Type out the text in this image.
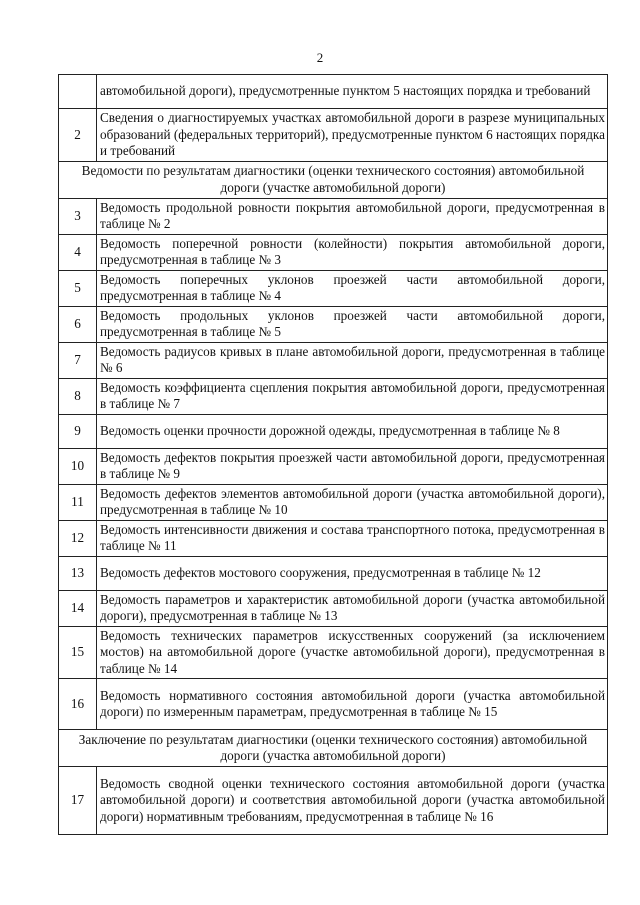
2
	автомобильной дороги), предусмотренные пунктом 5 настоящих порядка и требований
2	Сведения о диагностируемых участках автомобильной дороги в разрезе муниципальных образований (федеральных территорий), предусмотренные пунктом 6 настоящих порядка и требований
Ведомости по результатам диагностики (оценки технического состояния) автомобильной дороги (участке автомобильной дороги)	
3	Ведомость продольной ровности покрытия автомобильной дороги, предусмотренная в таблице № 2
4	Ведомость поперечной ровности (колейности) покрытия автомобильной дороги, предусмотренная в таблице № 3
5	Ведомость поперечных уклонов проезжей части автомобильной дороги, предусмотренная в таблице № 4
6	Ведомость продольных уклонов проезжей части автомобильной дороги, предусмотренная в таблице № 5
7	Ведомость радиусов кривых в плане автомобильной дороги, предусмотренная в таблице № 6
8	Ведомость коэффициента сцепления покрытия автомобильной дороги, предусмотренная в таблице № 7
9	Ведомость оценки прочности дорожной одежды, предусмотренная в таблице № 8
10	Ведомость дефектов покрытия проезжей части автомобильной дороги, предусмотренная в таблице № 9
11	Ведомость дефектов элементов автомобильной дороги (участка автомобильной дороги), предусмотренная в таблице № 10
12	Ведомость интенсивности движения и состава транспортного потока, предусмотренная в таблице № 11
13	Ведомость дефектов мостового сооружения, предусмотренная в таблице № 12
14	Ведомость параметров и характеристик автомобильной дороги (участка автомобильной дороги), предусмотренная в таблице № 13
15	Ведомость технических параметров искусственных сооружений (за исключением мостов) на автомобильной дороге (участке автомобильной дороги), предусмотренная в таблице № 14
16	Ведомость нормативного состояния автомобильной дороги (участка автомобильной дороги) по измеренным параметрам, предусмотренная в таблице № 15
Заключение по результатам диагностики (оценки технического состояния) автомобильной дороги (участка автомобильной дороги)	
17	Ведомость сводной оценки технического состояния автомобильной дороги (участка автомобильной дороги) и соответствия автомобильной дороги (участка автомобильной дороги) нормативным требованиям, предусмотренная в таблице № 16
